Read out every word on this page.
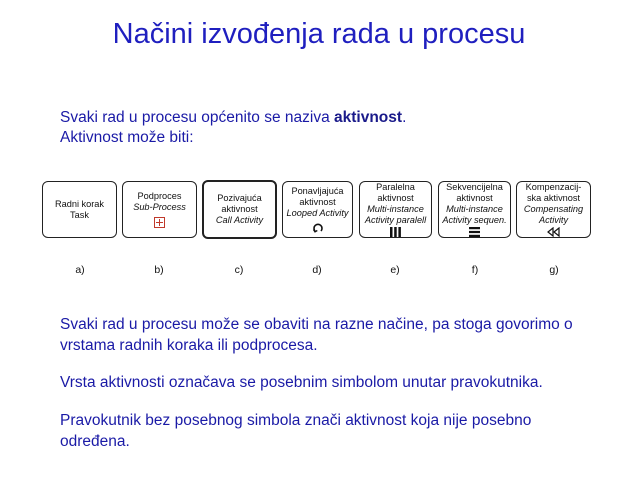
Načini izvođenja rada u procesu
Svaki rad u procesu općenito se naziva aktivnost.
Aktivnost može biti:
Radni korak
Task
Podproces
Sub-Process
Pozivajuća
aktivnost
Call Activity
Ponavljajuća
aktivnost
Looped Activity
Paralelna
aktivnost
Multi-instance
Activity paralell
Sekvencijelna
aktivnost
Multi-instance
Activity sequen.
Kompenzacij-
ska aktivnost
Compensating
Activity
a)	b)	c)	d)	e)	f)	g)
Svaki rad u procesu može se obaviti na razne načine, pa stoga govorimo o vrstama radnih koraka ili podprocesa.
Vrsta aktivnosti označava se posebnim simbolom unutar pravokutnika.
Pravokutnik bez posebnog simbola znači aktivnost koja nije posebno određena.
